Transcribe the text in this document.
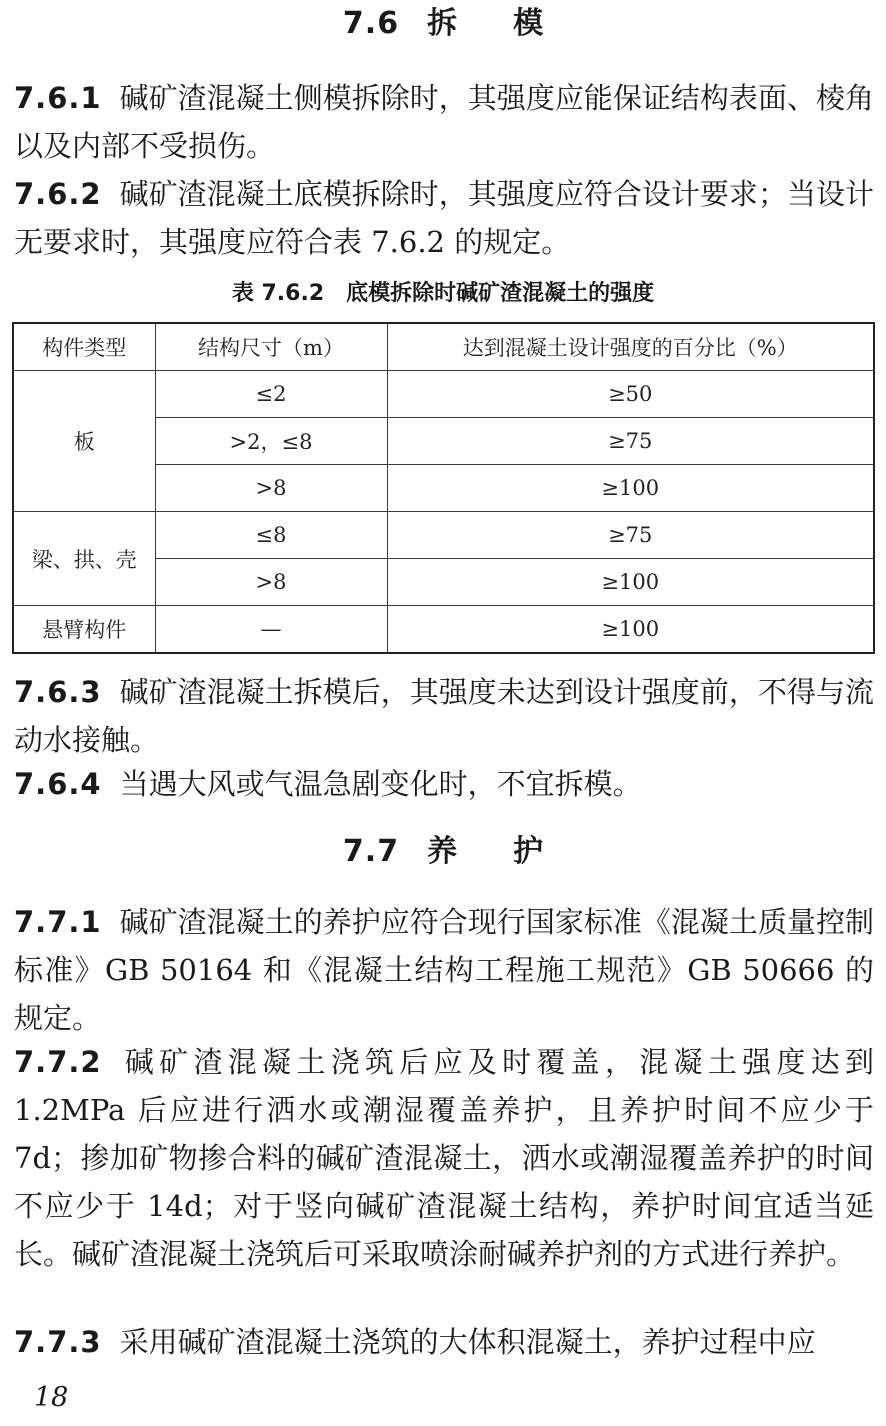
7.6 拆 模
7.6.1 碱矿渣混凝土侧模拆除时，其强度应能保证结构表面、棱角以及内部不受损伤。
7.6.2 碱矿渣混凝土底模拆除时，其强度应符合设计要求；当设计无要求时，其强度应符合表 7.6.2 的规定。
表 7.6.2 底模拆除时碱矿渣混凝土的强度
构件类型	结构尺寸（m）	达到混凝土设计强度的百分比（%）
板	≤2	≥50
	>2，≤8	≥75
	>8	≥100
梁、拱、壳	≤8	≥75
	>8	≥100
悬臂构件	—	≥100
7.6.3 碱矿渣混凝土拆模后，其强度未达到设计强度前，不得与流动水接触。
7.6.4 当遇大风或气温急剧变化时，不宜拆模。
7.7 养 护
7.7.1 碱矿渣混凝土的养护应符合现行国家标准《混凝土质量控制标准》GB 50164 和《混凝土结构工程施工规范》GB 50666 的规定。
7.7.2 碱矿渣混凝土浇筑后应及时覆盖，混凝土强度达到 1.2MPa 后应进行洒水或潮湿覆盖养护，且养护时间不应少于 7d；掺加矿物掺合料的碱矿渣混凝土，洒水或潮湿覆盖养护的时间不应少于 14d；对于竖向碱矿渣混凝土结构，养护时间宜适当延长。碱矿渣混凝土浇筑后可采取喷涂耐碱养护剂的方式进行养护。
7.7.3 采用碱矿渣混凝土浇筑的大体积混凝土，养护过程中应
18
